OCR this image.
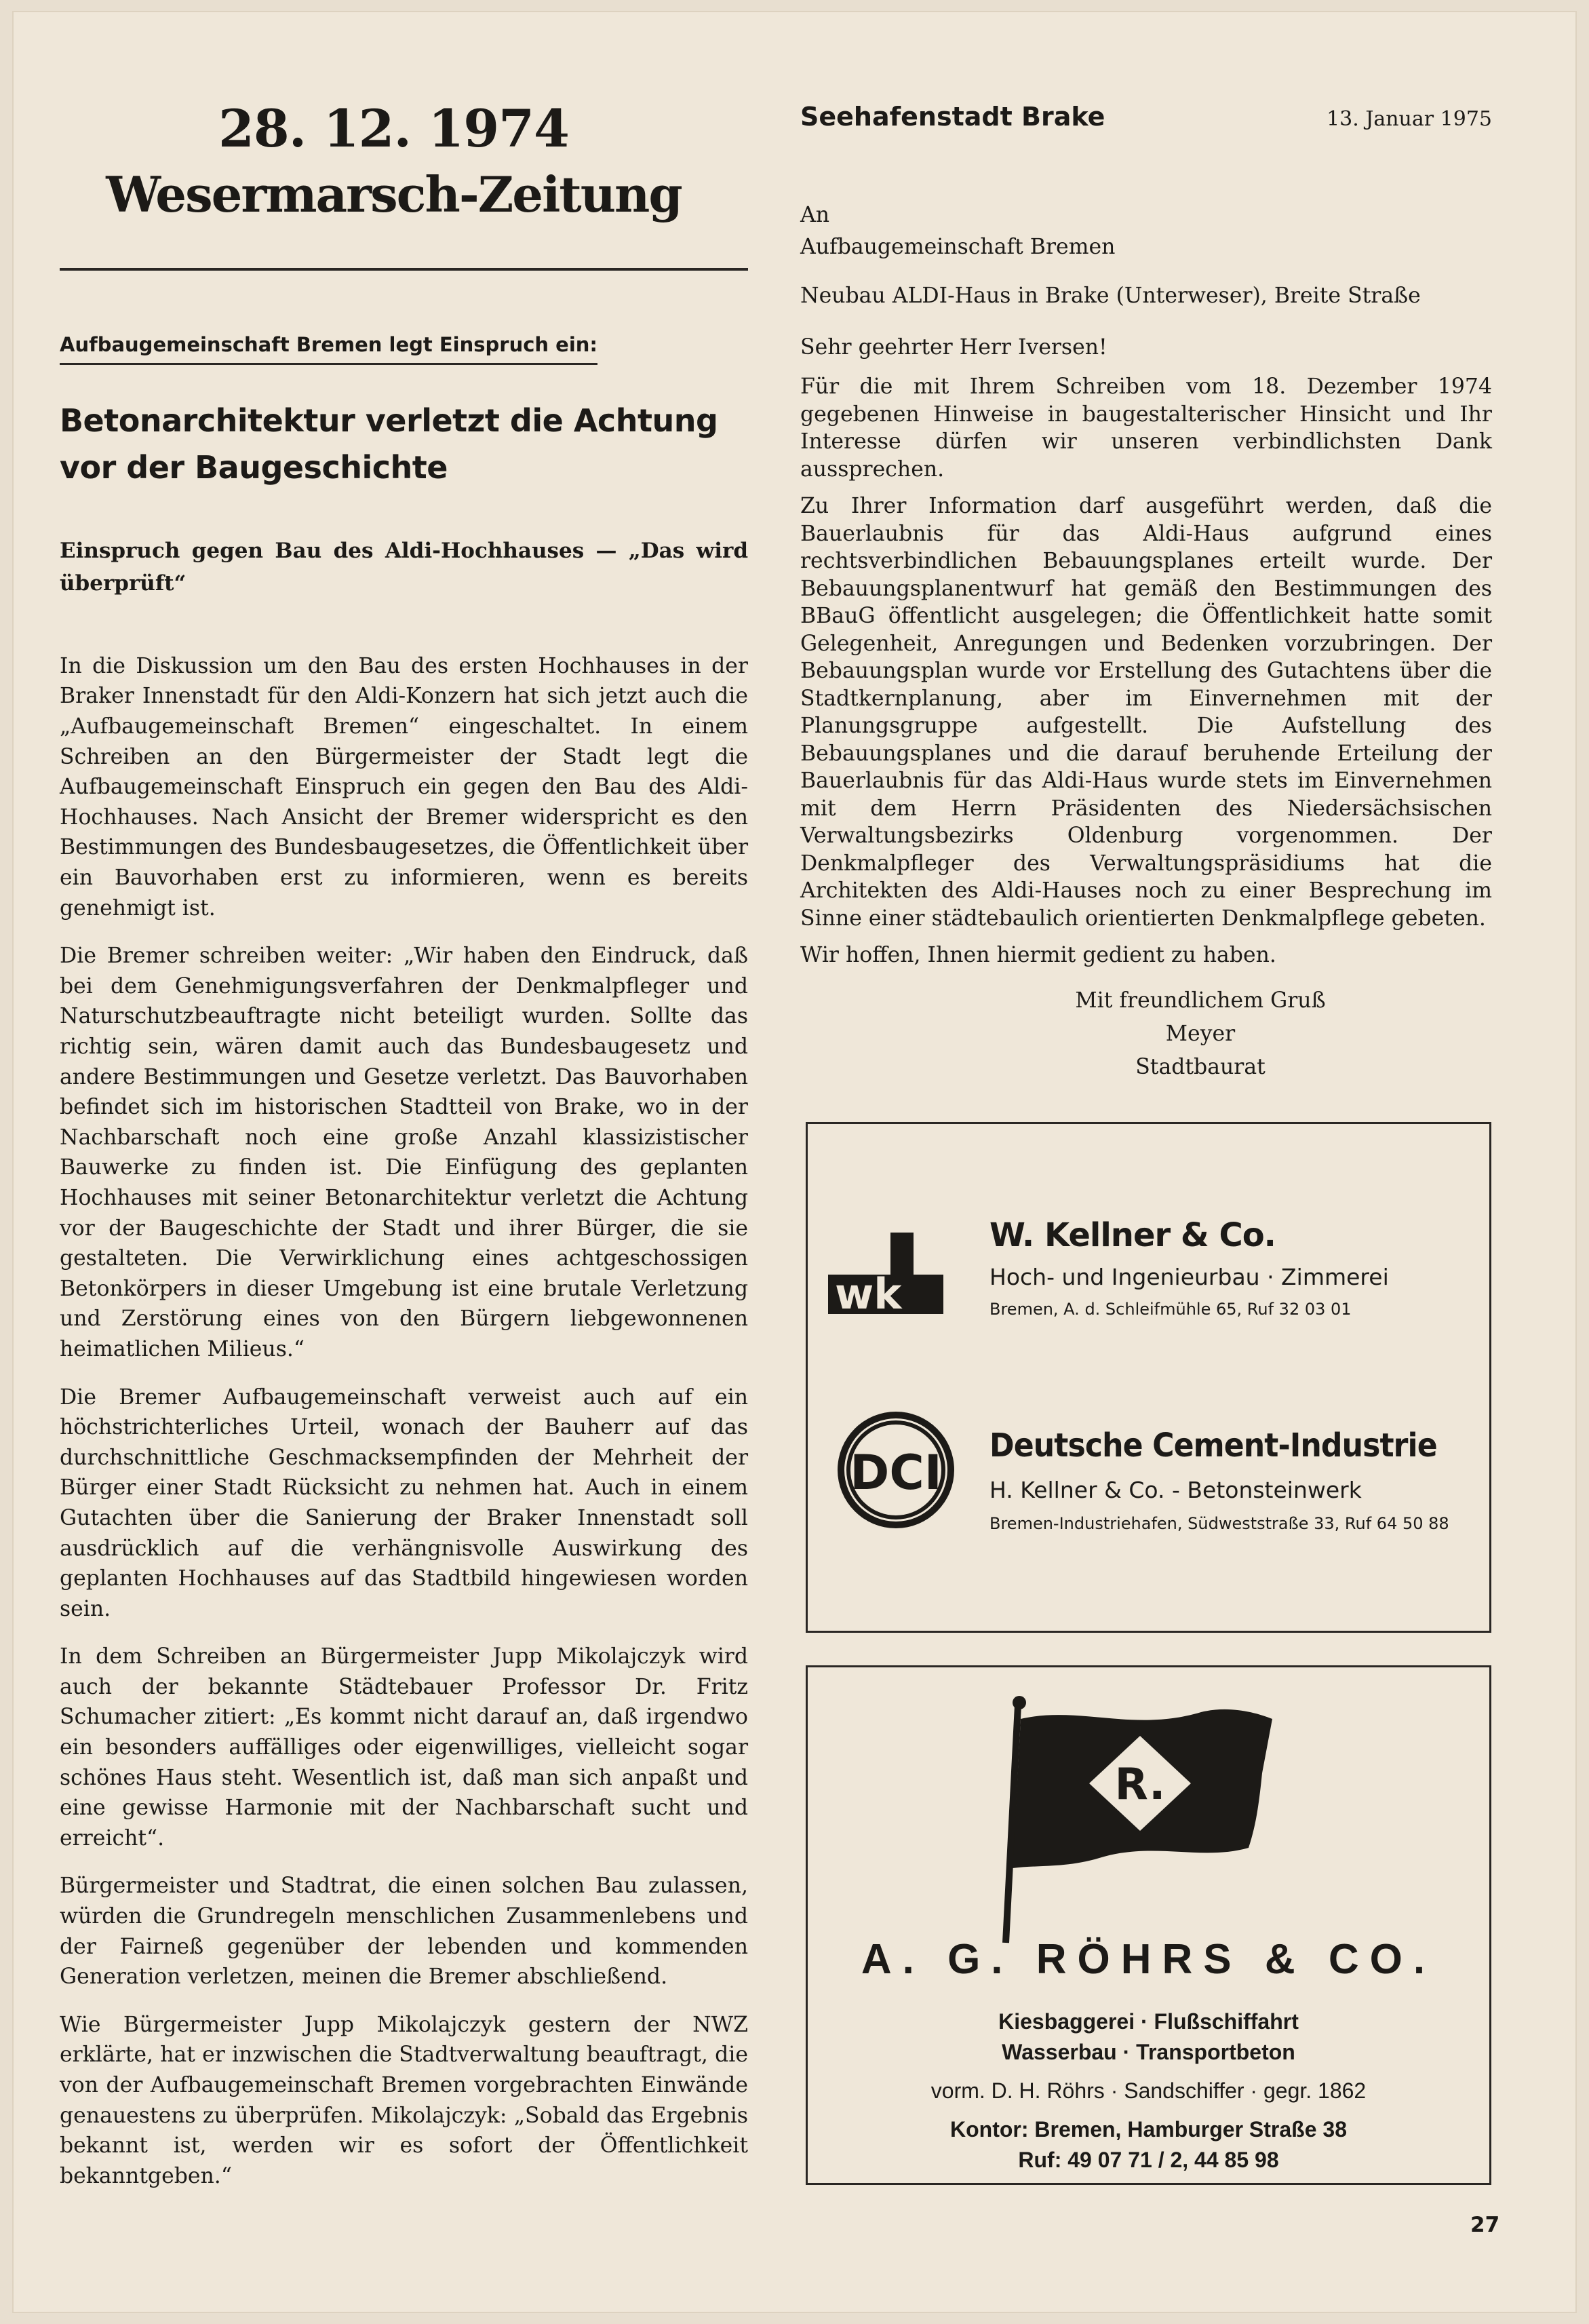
28. 12. 1974
Wesermarsch-Zeitung
Aufbaugemeinschaft Bremen legt Einspruch ein:
Betonarchitektur verletzt die Achtung
vor der Baugeschichte
Einspruch gegen Bau des Aldi-Hochhauses — „Das wird überprüft“

In die Diskussion um den Bau des ersten Hochhauses in der Braker Innenstadt für den Aldi-Konzern hat sich jetzt auch die „Aufbaugemeinschaft Bremen“ eingeschaltet. In einem Schreiben an den Bürgermeister der Stadt legt die Aufbaugemeinschaft Einspruch ein gegen den Bau des Aldi-Hochhauses. Nach Ansicht der Bremer widerspricht es den Bestimmungen des Bundesbaugesetzes, die Öffentlichkeit über ein Bauvorhaben erst zu informieren, wenn es bereits genehmigt ist.

Die Bremer schreiben weiter: „Wir haben den Eindruck, daß bei dem Genehmigungsverfahren der Denkmalpfleger und Naturschutzbeauftragte nicht beteiligt wurden. Sollte das richtig sein, wären damit auch das Bundesbaugesetz und andere Bestimmungen und Gesetze verletzt. Das Bauvorhaben befindet sich im historischen Stadtteil von Brake, wo in der Nachbarschaft noch eine große Anzahl klassizistischer Bauwerke zu finden ist. Die Einfügung des geplanten Hochhauses mit seiner Betonarchitektur verletzt die Achtung vor der Baugeschichte der Stadt und ihrer Bürger, die sie gestalteten. Die Verwirklichung eines achtgeschossigen Betonkörpers in dieser Umgebung ist eine brutale Verletzung und Zerstörung eines von den Bürgern liebgewonnenen heimatlichen Milieus.“

Die Bremer Aufbaugemeinschaft verweist auch auf ein höchstrichterliches Urteil, wonach der Bauherr auf das durchschnittliche Geschmacksempfinden der Mehrheit der Bürger einer Stadt Rücksicht zu nehmen hat. Auch in einem Gutachten über die Sanierung der Braker Innenstadt soll ausdrücklich auf die verhängnisvolle Auswirkung des geplanten Hochhauses auf das Stadtbild hingewiesen worden sein.

In dem Schreiben an Bürgermeister Jupp Mikolajczyk wird auch der bekannte Städtebauer Professor Dr. Fritz Schumacher zitiert: „Es kommt nicht darauf an, daß irgendwo ein besonders auffälliges oder eigenwilliges, vielleicht sogar schönes Haus steht. Wesentlich ist, daß man sich anpaßt und eine gewisse Harmonie mit der Nachbarschaft sucht und erreicht“.

Bürgermeister und Stadtrat, die einen solchen Bau zulassen, würden die Grundregeln menschlichen Zusammenlebens und der Fairneß gegenüber der lebenden und kommenden Generation verletzen, meinen die Bremer abschließend.

Wie Bürgermeister Jupp Mikolajczyk gestern der NWZ erklärte, hat er inzwischen die Stadtverwaltung beauftragt, die von der Aufbaugemeinschaft Bremen vorgebrachten Einwände genauestens zu überprüfen. Mikolajczyk: „Sobald das Ergebnis bekannt ist, werden wir es sofort der Öffentlichkeit bekanntgeben.“

Seehafenstadt Brake	13. Januar 1975
An
Aufbaugemeinschaft Bremen
Neubau ALDI-Haus in Brake (Unterweser), Breite Straße
Sehr geehrter Herr Iversen!

Für die mit Ihrem Schreiben vom 18. Dezember 1974 gegebenen Hinweise in baugestalterischer Hinsicht und Ihr Interesse dürfen wir unseren verbindlichsten Dank aussprechen.

Zu Ihrer Information darf ausgeführt werden, daß die Bauerlaubnis für das Aldi-Haus aufgrund eines rechtsverbindlichen Bebauungsplanes erteilt wurde. Der Bebauungsplanentwurf hat gemäß den Bestimmungen des BBauG öffentlicht ausgelegen; die Öffentlichkeit hatte somit Gelegenheit, Anregungen und Bedenken vorzubringen. Der Bebauungsplan wurde vor Erstellung des Gutachtens über die Stadtkernplanung, aber im Einvernehmen mit der Planungsgruppe aufgestellt. Die Aufstellung des Bebauungsplanes und die darauf beruhende Erteilung der Bauerlaubnis für das Aldi-Haus wurde stets im Einvernehmen mit dem Herrn Präsidenten des Niedersächsischen Verwaltungsbezirks Oldenburg vorgenommen. Der Denkmalpfleger des Verwaltungspräsidiums hat die Architekten des Aldi-Hauses noch zu einer Besprechung im Sinne einer städtebaulich orientierten Denkmalpflege gebeten.

Wir hoffen, Ihnen hiermit gedient zu haben.

Mit freundlichem Gruß
Meyer
Stadtbaurat
wk
W. Kellner & Co.
Hoch- und Ingenieurbau · Zimmerei
Bremen, A. d. Schleifmühle 65, Ruf 32 03 01
DCI Deutsche Cement-Industrie
H. Kellner & Co. - Betonsteinwerk
Bremen-Industriehafen, Südweststraße 33, Ruf 64 50 88
R.
A. G. RÖHRS & CO.
Kiesbaggerei · Flußschiffahrt
Wasserbau · Transportbeton
vorm. D. H. Röhrs · Sandschiffer · gegr. 1862
Kontor: Bremen, Hamburger Straße 38
Ruf: 49 07 71 / 2, 44 85 98
27
